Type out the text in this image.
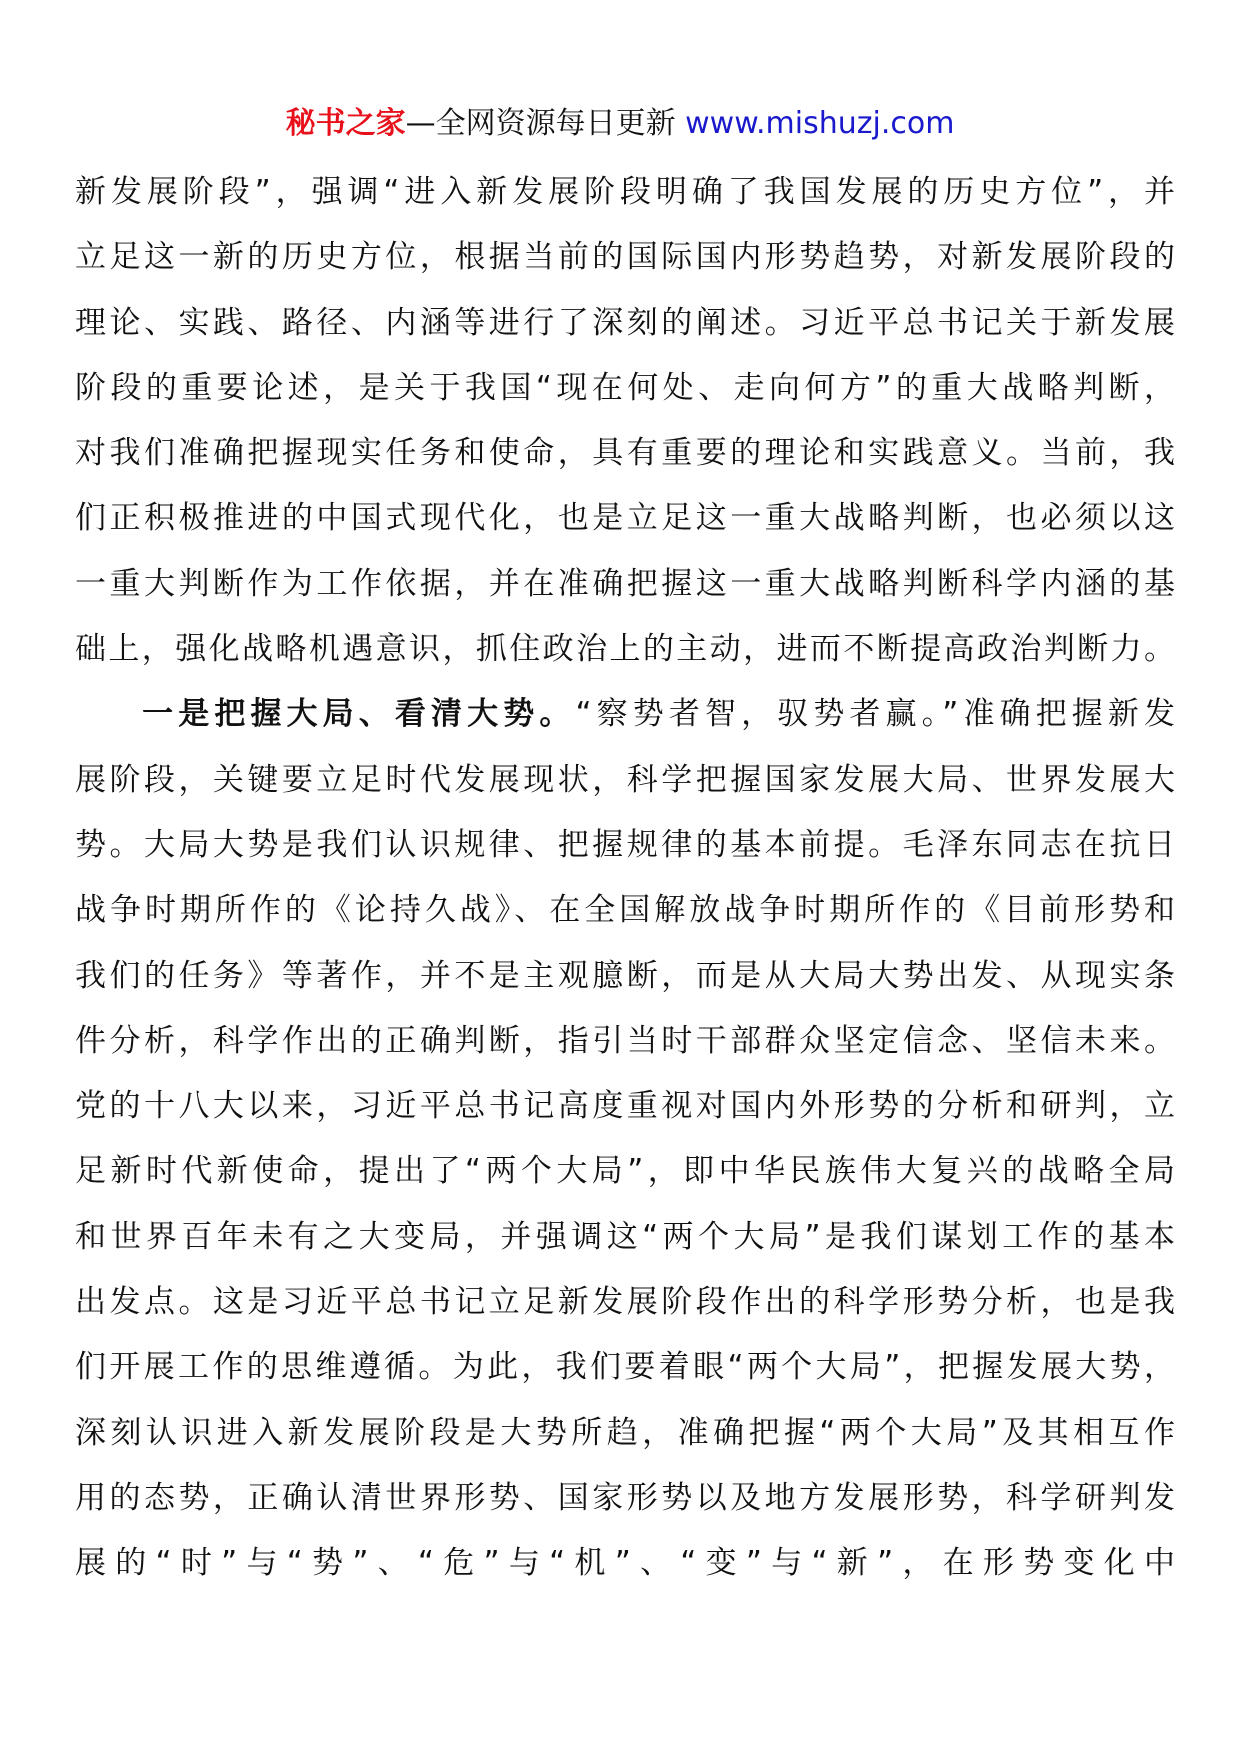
秘书之家—全网资源每日更新 www.mishuzj.com
新发展阶段”，强调“进入新发展阶段明确了我国发展的历史方位”，并
立足这一新的历史方位，根据当前的国际国内形势趋势，对新发展阶段的
理论、实践、路径、内涵等进行了深刻的阐述。习近平总书记关于新发展
阶段的重要论述，是关于我国“现在何处、走向何方”的重大战略判断，
对我们准确把握现实任务和使命，具有重要的理论和实践意义。当前，我
们正积极推进的中国式现代化，也是立足这一重大战略判断，也必须以这
一重大判断作为工作依据，并在准确把握这一重大战略判断科学内涵的基
础上，强化战略机遇意识，抓住政治上的主动，进而不断提高政治判断力。
一是把握大局、看清大势。“察势者智，驭势者赢。”准确把握新发
展阶段，关键要立足时代发展现状，科学把握国家发展大局、世界发展大
势。大局大势是我们认识规律、把握规律的基本前提。毛泽东同志在抗日
战争时期所作的《论持久战》、在全国解放战争时期所作的《目前形势和
我们的任务》等著作，并不是主观臆断，而是从大局大势出发、从现实条
件分析，科学作出的正确判断，指引当时干部群众坚定信念、坚信未来。
党的十八大以来，习近平总书记高度重视对国内外形势的分析和研判，立
足新时代新使命，提出了“两个大局”，即中华民族伟大复兴的战略全局
和世界百年未有之大变局，并强调这“两个大局”是我们谋划工作的基本
出发点。这是习近平总书记立足新发展阶段作出的科学形势分析，也是我
们开展工作的思维遵循。为此，我们要着眼“两个大局”，把握发展大势，
深刻认识进入新发展阶段是大势所趋，准确把握“两个大局”及其相互作
用的态势，正确认清世界形势、国家形势以及地方发展形势，科学研判发
展的“时”与“势”、“危”与“机”、“变”与“新”，在形势变化中
